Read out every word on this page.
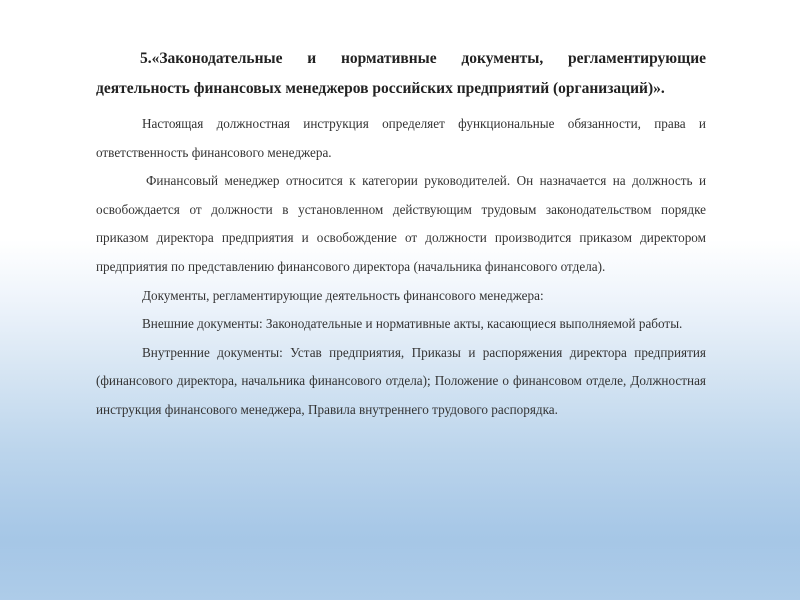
5.«Законодательные и нормативные документы, регламентирующие деятельность финансовых менеджеров российских предприятий (организаций)».

Настоящая должностная инструкция определяет функциональные обязанности, права и ответственность финансового менеджера.

Финансовый менеджер относится к категории руководителей. Он назначается на должность и освобождается от должности в установленном действующим трудовым законодательством порядке приказом директора предприятия и освобождение от должности производится приказом директором предприятия по представлению финансового директора (начальника финансового отдела).

Документы, регламентирующие деятельность финансового менеджера:

Внешние документы: Законодательные и нормативные акты, касающиеся выполняемой работы.

Внутренние документы: Устав предприятия, Приказы и распоряжения директора предприятия (финансового директора, начальника финансового отдела); Положение о финансовом отделе, Должностная инструкция финансового менеджера, Правила внутреннего трудового распорядка.
